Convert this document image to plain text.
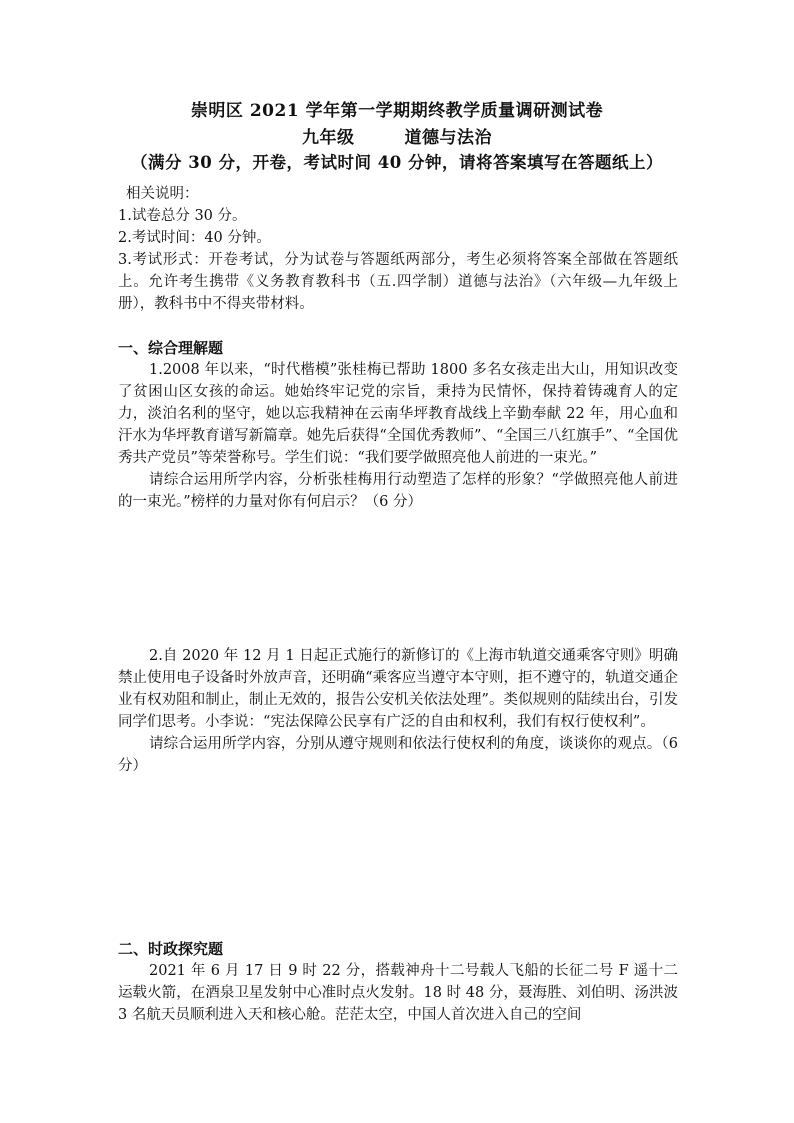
崇明区 2021 学年第一学期期终教学质量调研测试卷
九年级	道德与法治
（满分 30 分，开卷，考试时间 40 分钟，请将答案填写在答题纸上）

相关说明：

1.试卷总分 30 分。

2.考试时间：40 分钟。

3.考试形式：开卷考试，分为试卷与答题纸两部分，考生必须将答案全部做在答题纸上。允许考生携带《义务教育教科书（五.四学制）道德与法治》（六年级—九年级上册），教科书中不得夹带材料。

一、综合理解题

1.2008 年以来，“时代楷模”张桂梅已帮助 1800 多名女孩走出大山，用知识改变了贫困山区女孩的命运。她始终牢记党的宗旨，秉持为民情怀，保持着铸魂育人的定力，淡泊名利的坚守，她以忘我精神在云南华坪教育战线上辛勤奉献 22 年，用心血和汗水为华坪教育谱写新篇章。她先后获得“全国优秀教师”、“全国三八红旗手”、“全国优秀共产党员”等荣誉称号。学生们说：“我们要学做照亮他人前进的一束光。”

请综合运用所学内容，分析张桂梅用行动塑造了怎样的形象？“学做照亮他人前进的一束光。”榜样的力量对你有何启示？（6 分）

2.自 2020 年 12 月 1 日起正式施行的新修订的《上海市轨道交通乘客守则》明确禁止使用电子设备时外放声音，还明确“乘客应当遵守本守则，拒不遵守的，轨道交通企业有权劝阻和制止，制止无效的，报告公安机关依法处理”。类似规则的陆续出台，引发同学们思考。小李说：“宪法保障公民享有广泛的自由和权利，我们有权行使权利”。

请综合运用所学内容，分别从遵守规则和依法行使权利的角度，谈谈你的观点。（6 分）

二、时政探究题

2021 年 6 月 17 日 9 时 22 分，搭载神舟十二号载人飞船的长征二号 F 遥十二运载火箭，在酒泉卫星发射中心准时点火发射。18 时 48 分，聂海胜、刘伯明、汤洪波 3 名航天员顺利进入天和核心舱。茫茫太空，中国人首次进入自己的空间
